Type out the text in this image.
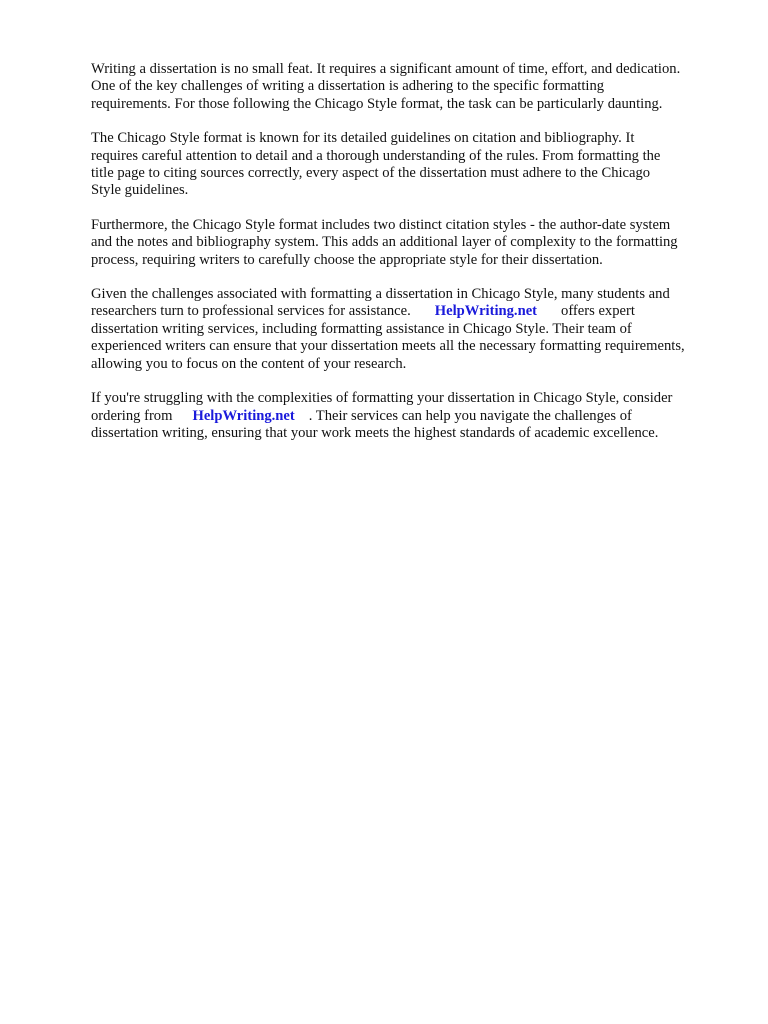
Writing a dissertation is no small feat. It requires a significant amount of time, effort, and dedication.
One of the key challenges of writing a dissertation is adhering to the specific formatting
requirements. For those following the Chicago Style format, the task can be particularly daunting.

The Chicago Style format is known for its detailed guidelines on citation and bibliography. It
requires careful attention to detail and a thorough understanding of the rules. From formatting the
title page to citing sources correctly, every aspect of the dissertation must adhere to the Chicago
Style guidelines.

Furthermore, the Chicago Style format includes two distinct citation styles - the author-date system
and the notes and bibliography system. This adds an additional layer of complexity to the formatting
process, requiring writers to carefully choose the appropriate style for their dissertation.

Given the challenges associated with formatting a dissertation in Chicago Style, many students and
researchers turn to professional services for assistance. HelpWriting.net offers expert
dissertation writing services, including formatting assistance in Chicago Style. Their team of
experienced writers can ensure that your dissertation meets all the necessary formatting requirements,
allowing you to focus on the content of your research.

If you're struggling with the complexities of formatting your dissertation in Chicago Style, consider
ordering from HelpWriting.net . Their services can help you navigate the challenges of
dissertation writing, ensuring that your work meets the highest standards of academic excellence.
